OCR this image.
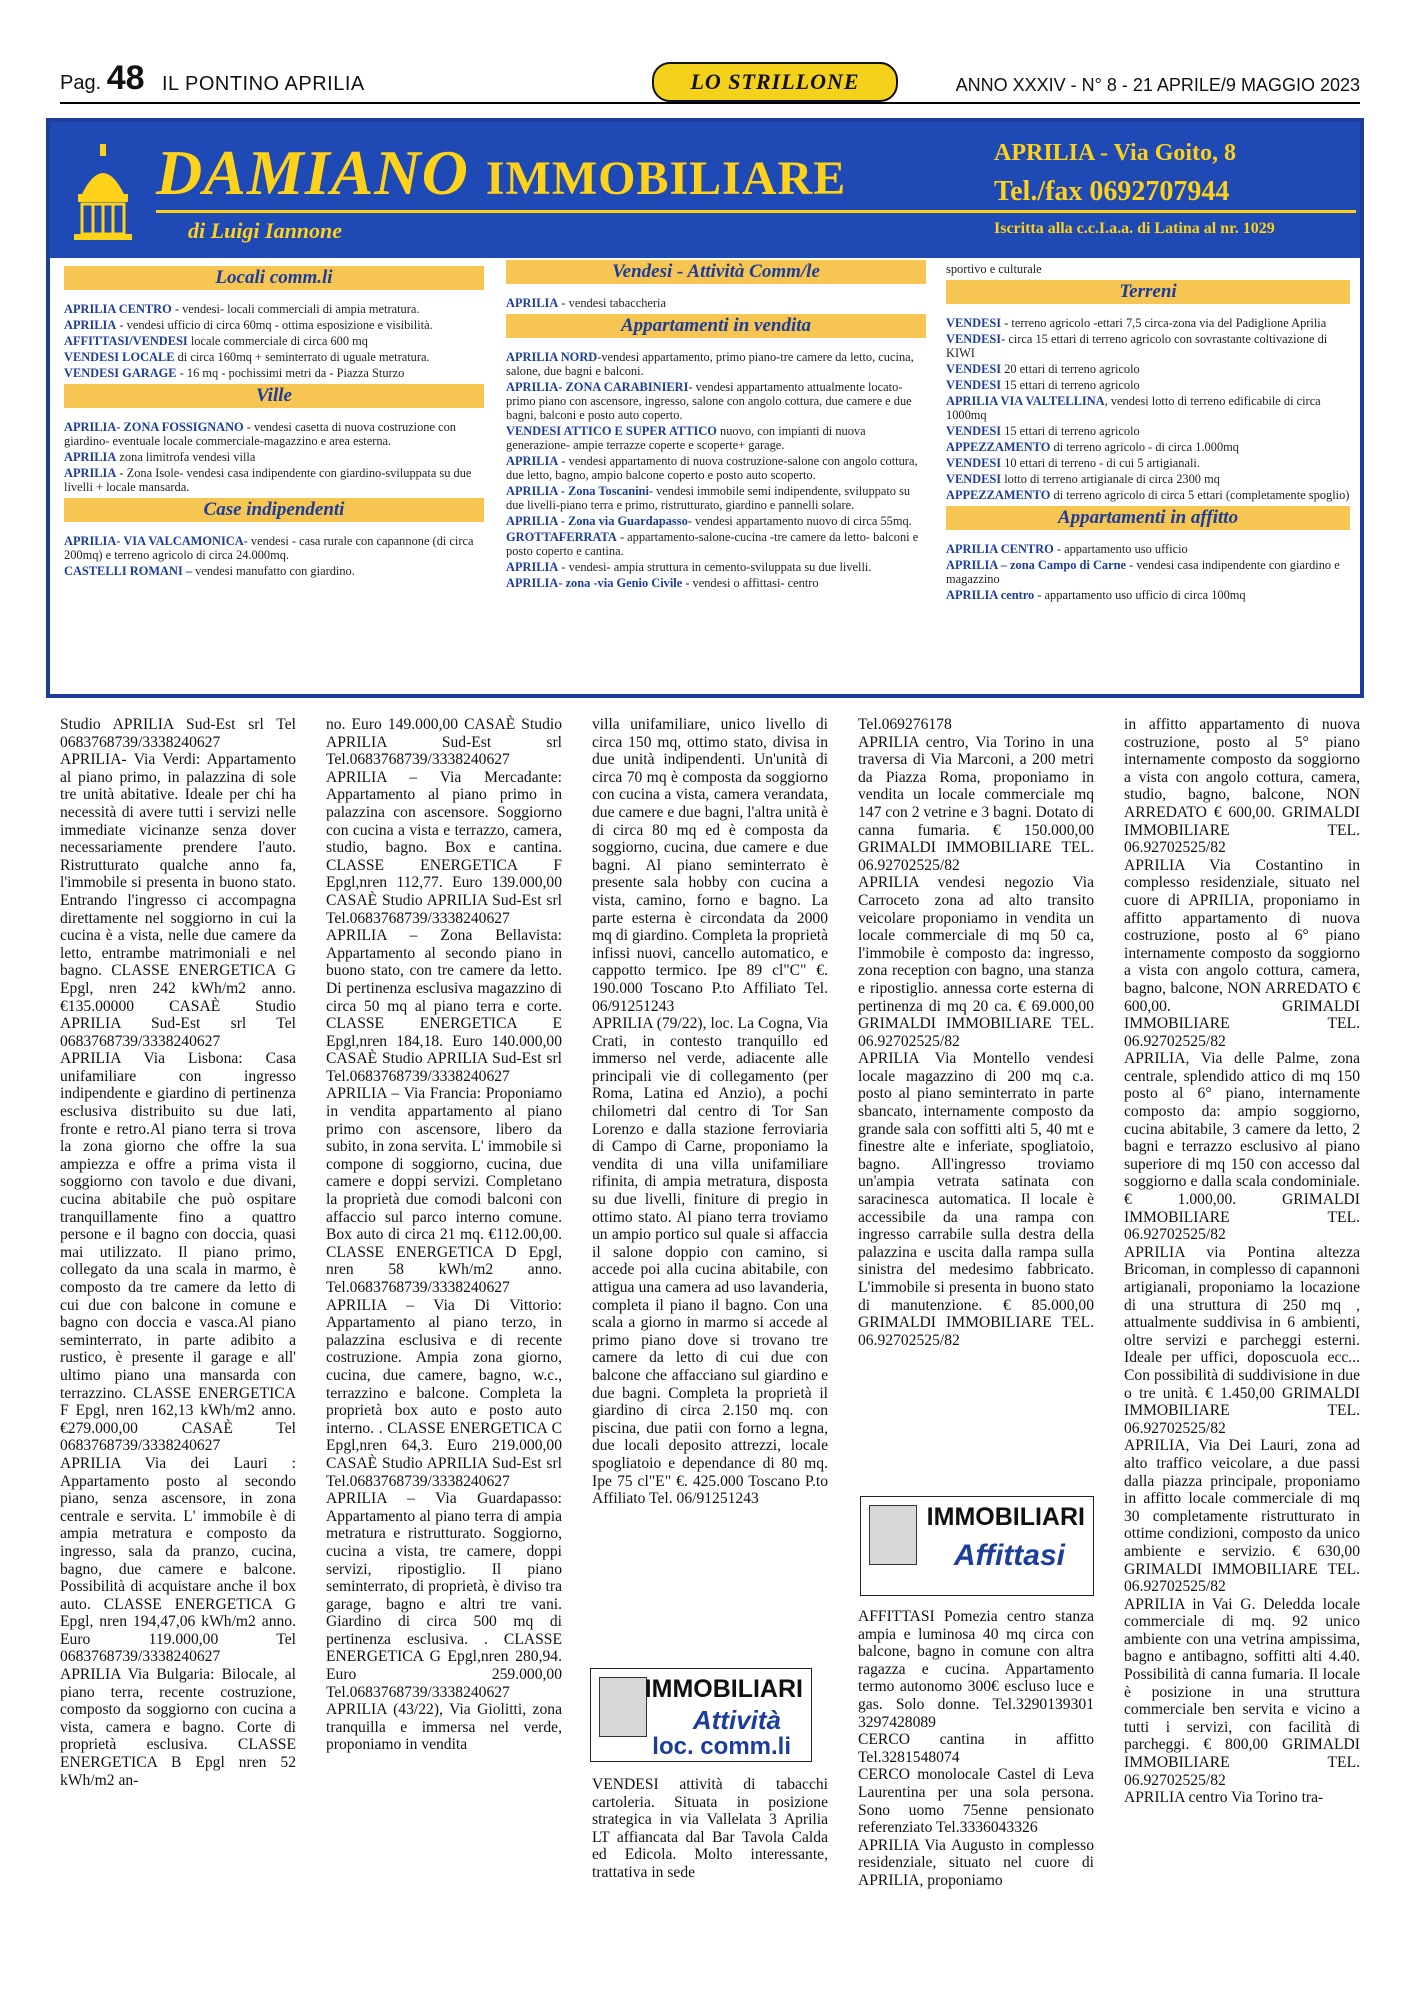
Pag. 48 IL PONTINO APRILIA	LO STRILLONE	ANNO XXXIV - N° 8 - 21 APRILE/9 MAGGIO 2023
DAMIANO IMMOBILIARE
di Luigi Iannone
APRILIA - Via Goito, 8
Tel./fax 0692707944
Iscritta alla c.c.I.a.a. di Latina al nr. 1029
Locali comm.li

APRILIA CENTRO - vendesi- locali commerciali di ampia metratura.

APRILIA - vendesi ufficio di circa 60mq - ottima esposizione e visibilità.

AFFITTASI/VENDESI locale commerciale di circa 600 mq

VENDESI LOCALE di circa 160mq + seminterrato di uguale metratura.

VENDESI GARAGE - 16 mq - pochissimi metri da - Piazza Sturzo

Ville

APRILIA- ZONA FOSSIGNANO - vendesi casetta di nuova costruzione con giardino- eventuale locale commerciale-magazzino e area esterna.

APRILIA zona limitrofa vendesi villa

APRILIA - Zona Isole- vendesi casa indipendente con giardino-sviluppata su due livelli + locale mansarda.

Case indipendenti

APRILIA- VIA VALCAMONICA- vendesi - casa rurale con capannone (di circa 200mq) e terreno agricolo di circa 24.000mq.

CASTELLI ROMANI – vendesi manufatto con giardino.

Vendesi - Attività Comm/le

APRILIA - vendesi tabaccheria

Appartamenti in vendita

APRILIA NORD-vendesi appartamento, primo piano-tre camere da letto, cucina, salone, due bagni e balconi.

APRILIA- ZONA CARABINIERI- vendesi appartamento attualmente locato-primo piano con ascensore, ingresso, salone con angolo cottura, due camere e due bagni, balconi e posto auto coperto.

VENDESI ATTICO E SUPER ATTICO nuovo, con impianti di nuova generazione- ampie terrazze coperte e scoperte+ garage.

APRILIA - vendesi appartamento di nuova costruzione-salone con angolo cottura, due letto, bagno, ampio balcone coperto e posto auto scoperto.

APRILIA - Zona Toscanini- vendesi immobile semi indipendente, sviluppato su due livelli-piano terra e primo, ristrutturato, giardino e pannelli solare.

APRILIA - Zona via Guardapasso- vendesi appartamento nuovo di circa 55mq.

GROTTAFERRATA - appartamento-salone-cucina -tre camere da letto- balconi e posto coperto e cantina.

APRILIA - vendesi- ampia struttura in cemento-sviluppata su due livelli.

APRILIA- zona -via Genio Civile - vendesi o affittasi- centro

sportivo e culturale

Terreni

VENDESI - terreno agricolo -ettari 7,5 circa-zona via del Padiglione Aprilia

VENDESI- circa 15 ettari di terreno agricolo con sovrastante coltivazione di KIWI

VENDESI 20 ettari di terreno agricolo

VENDESI 15 ettari di terreno agricolo

APRILIA VIA VALTELLINA, vendesi lotto di terreno edificabile di circa 1000mq

VENDESI 15 ettari di terreno agricolo

APPEZZAMENTO di terreno agricolo - di circa 1.000mq

VENDESI 10 ettari di terreno - di cui 5 artigianali.

VENDESI lotto di terreno artigianale di circa 2300 mq

APPEZZAMENTO di terreno agricolo di circa 5 ettari (completamente spoglio)

Appartamenti in affitto

APRILIA CENTRO - appartamento uso ufficio

APRILIA – zona Campo di Carne - vendesi casa indipendente con giardino e magazzino

APRILIA centro - appartamento uso ufficio di circa 100mq

Studio APRILIA Sud-Est srl Tel 0683768739/3338240627

APRILIA- Via Verdi: Appartamento al piano primo, in palazzina di sole tre unità abitative. Ideale per chi ha necessità di avere tutti i servizi nelle immediate vicinanze senza dover necessariamente prendere l'auto. Ristrutturato qualche anno fa, l'immobile si presenta in buono stato. Entrando l'ingresso ci accompagna direttamente nel soggiorno in cui la cucina è a vista, nelle due camere da letto, entrambe matrimoniali e nel bagno. CLASSE ENERGETICA G Epgl, nren 242 kWh/m2 anno. €135.00000 CASAÈ Studio APRILIA Sud-Est srl Tel 0683768739/3338240627

APRILIA Via Lisbona: Casa unifamiliare con ingresso indipendente e giardino di pertinenza esclusiva distribuito su due lati, fronte e retro.Al piano terra si trova la zona giorno che offre la sua ampiezza e offre a prima vista il soggiorno con tavolo e due divani, cucina abitabile che può ospitare tranquillamente fino a quattro persone e il bagno con doccia, quasi mai utilizzato. Il piano primo, collegato da una scala in marmo, è composto da tre camere da letto di cui due con balcone in comune e bagno con doccia e vasca.Al piano seminterrato, in parte adibito a rustico, è presente il garage e all' ultimo piano una mansarda con terrazzino. CLASSE ENERGETICA F Epgl, nren 162,13 kWh/m2 anno. €279.000,00 CASAÈ Tel 0683768739/3338240627

APRILIA Via dei Lauri : Appartamento posto al secondo piano, senza ascensore, in zona centrale e servita. L' immobile è di ampia metratura e composto da ingresso, sala da pranzo, cucina, bagno, due camere e balcone. Possibilità di acquistare anche il box auto. CLASSE ENERGETICA G Epgl, nren 194,47,06 kWh/m2 anno. Euro 119.000,00 Tel 0683768739/3338240627

APRILIA Via Bulgaria: Bilocale, al piano terra, recente costruzione, composto da soggiorno con cucina a vista, camera e bagno. Corte di proprietà esclusiva. CLASSE ENERGETICA B Epgl nren 52 kWh/m2 an-

no. Euro 149.000,00 CASAÈ Studio APRILIA Sud-Est srl Tel.0683768739/3338240627

APRILIA – Via Mercadante: Appartamento al piano primo in palazzina con ascensore. Soggiorno con cucina a vista e terrazzo, camera, studio, bagno. Box e cantina. CLASSE ENERGETICA F Epgl,nren 112,77. Euro 139.000,00 CASAÈ Studio APRILIA Sud-Est srl Tel.0683768739/3338240627

APRILIA – Zona Bellavista: Appartamento al secondo piano in buono stato, con tre camere da letto. Di pertinenza esclusiva magazzino di circa 50 mq al piano terra e corte. CLASSE ENERGETICA E Epgl,nren 184,18. Euro 140.000,00 CASAÈ Studio APRILIA Sud-Est srl Tel.0683768739/3338240627

APRILIA – Via Francia: Proponiamo in vendita appartamento al piano primo con ascensore, libero da subito, in zona servita. L' immobile si compone di soggiorno, cucina, due camere e doppi servizi. Completano la proprietà due comodi balconi con affaccio sul parco interno comune. Box auto di circa 21 mq. €112.00,00. CLASSE ENERGETICA D Epgl, nren 58 kWh/m2 anno. Tel.0683768739/3338240627

APRILIA – Via Di Vittorio: Appartamento al piano terzo, in palazzina esclusiva e di recente costruzione. Ampia zona giorno, cucina, due camere, bagno, w.c., terrazzino e balcone. Completa la proprietà box auto e posto auto interno. . CLASSE ENERGETICA C Epgl,nren 64,3. Euro 219.000,00 CASAÈ Studio APRILIA Sud-Est srl Tel.0683768739/3338240627

APRILIA – Via Guardapasso: Appartamento al piano terra di ampia metratura e ristrutturato. Soggiorno, cucina a vista, tre camere, doppi servizi, ripostiglio. Il piano seminterrato, di proprietà, è diviso tra garage, bagno e altri tre vani. Giardino di circa 500 mq di pertinenza esclusiva. . CLASSE ENERGETICA G Epgl,nren 280,94. Euro 259.000,00 Tel.0683768739/3338240627

APRILIA (43/22), Via Giolitti, zona tranquilla e immersa nel verde, proponiamo in vendita

villa unifamiliare, unico livello di circa 150 mq, ottimo stato, divisa in due unità indipendenti. Un'unità di circa 70 mq è composta da soggiorno con cucina a vista, camera verandata, due camere e due bagni, l'altra unità è di circa 80 mq ed è composta da soggiorno, cucina, due camere e due bagni. Al piano seminterrato è presente sala hobby con cucina a vista, camino, forno e bagno. La parte esterna è circondata da 2000 mq di giardino. Completa la proprietà infissi nuovi, cancello automatico, e cappotto termico. Ipe 89 cl"C" €. 190.000 Toscano P.to Affiliato Tel. 06/91251243

APRILIA (79/22), loc. La Cogna, Via Crati, in contesto tranquillo ed immerso nel verde, adiacente alle principali vie di collegamento (per Roma, Latina ed Anzio), a pochi chilometri dal centro di Tor San Lorenzo e dalla stazione ferroviaria di Campo di Carne, proponiamo la vendita di una villa unifamiliare rifinita, di ampia metratura, disposta su due livelli, finiture di pregio in ottimo stato. Al piano terra troviamo un ampio portico sul quale si affaccia il salone doppio con camino, si accede poi alla cucina abitabile, con attigua una camera ad uso lavanderia, completa il piano il bagno. Con una scala a giorno in marmo si accede al primo piano dove si trovano tre camere da letto di cui due con balcone che affacciano sul giardino e due bagni. Completa la proprietà il giardino di circa 2.150 mq. con piscina, due patii con forno a legna, due locali deposito attrezzi, locale spogliatoio e dependance di 80 mq. Ipe 75 cl"E" €. 425.000 Toscano P.to Affiliato Tel. 06/91251243

IMMOBILIARI
Attività
loc. comm.li

VENDESI attività di tabacchi cartoleria. Situata in posizione strategica in via Vallelata 3 Aprilia LT affiancata dal Bar Tavola Calda ed Edicola. Molto interessante, trattativa in sede

Tel.069276178

APRILIA centro, Via Torino in una traversa di Via Marconi, a 200 metri da Piazza Roma, proponiamo in vendita un locale commerciale mq 147 con 2 vetrine e 3 bagni. Dotato di canna fumaria. € 150.000,00 GRIMALDI IMMOBILIARE TEL. 06.92702525/82

APRILIA vendesi negozio Via Carroceto zona ad alto transito veicolare proponiamo in vendita un locale commerciale di mq 50 ca, l'immobile è composto da: ingresso, zona reception con bagno, una stanza e ripostiglio. annessa corte esterna di pertinenza di mq 20 ca. € 69.000,00 GRIMALDI IMMOBILIARE TEL. 06.92702525/82

APRILIA Via Montello vendesi locale magazzino di 200 mq c.a. posto al piano seminterrato in parte sbancato, internamente composto da grande sala con soffitti alti 5, 40 mt e finestre alte e inferiate, spogliatoio, bagno. All'ingresso troviamo un'ampia vetrata satinata con saracinesca automatica. Il locale è accessibile da una rampa con ingresso carrabile sulla destra della palazzina e uscita dalla rampa sulla sinistra del medesimo fabbricato. L'immobile si presenta in buono stato di manutenzione. € 85.000,00 GRIMALDI IMMOBILIARE TEL. 06.92702525/82

IMMOBILIARI
Affittasi

AFFITTASI Pomezia centro stanza ampia e luminosa 40 mq circa con balcone, bagno in comune con altra ragazza e cucina. Appartamento termo autonomo 300€ escluso luce e gas. Solo donne. Tel.3290139301 3297428089

CERCO cantina in affitto Tel.3281548074

CERCO monolocale Castel di Leva Laurentina per una sola persona. Sono uomo 75enne pensionato referenziato Tel.3336043326

APRILIA Via Augusto in complesso residenziale, situato nel cuore di APRILIA, proponiamo

in affitto appartamento di nuova costruzione, posto al 5° piano internamente composto da soggiorno a vista con angolo cottura, camera, studio, bagno, balcone, NON ARREDATO € 600,00. GRIMALDI IMMOBILIARE TEL. 06.92702525/82

APRILIA Via Costantino in complesso residenziale, situato nel cuore di APRILIA, proponiamo in affitto appartamento di nuova costruzione, posto al 6° piano internamente composto da soggiorno a vista con angolo cottura, camera, bagno, balcone, NON ARREDATO € 600,00. GRIMALDI IMMOBILIARE TEL. 06.92702525/82

APRILIA, Via delle Palme, zona centrale, splendido attico di mq 150 posto al 6° piano, internamente composto da: ampio soggiorno, cucina abitabile, 3 camere da letto, 2 bagni e terrazzo esclusivo al piano superiore di mq 150 con accesso dal soggiorno e dalla scala condominiale. € 1.000,00. GRIMALDI IMMOBILIARE TEL. 06.92702525/82

APRILIA via Pontina altezza Bricoman, in complesso di capannoni artigianali, proponiamo la locazione di una struttura di 250 mq , attualmente suddivisa in 6 ambienti, oltre servizi e parcheggi esterni. Ideale per uffici, doposcuola ecc... Con possibilità di suddivisione in due o tre unità. € 1.450,00 GRIMALDI IMMOBILIARE TEL. 06.92702525/82

APRILIA, Via Dei Lauri, zona ad alto traffico veicolare, a due passi dalla piazza principale, proponiamo in affitto locale commerciale di mq 30 completamente ristrutturato in ottime condizioni, composto da unico ambiente e servizio. € 630,00 GRIMALDI IMMOBILIARE TEL. 06.92702525/82

APRILIA in Vai G. Deledda locale commerciale di mq. 92 unico ambiente con una vetrina ampissima, bagno e antibagno, soffitti alti 4.40. Possibilità di canna fumaria. Il locale è posizione in una struttura commerciale ben servita e vicino a tutti i servizi, con facilità di parcheggi. € 800,00 GRIMALDI IMMOBILIARE TEL. 06.92702525/82

APRILIA centro Via Torino tra-
